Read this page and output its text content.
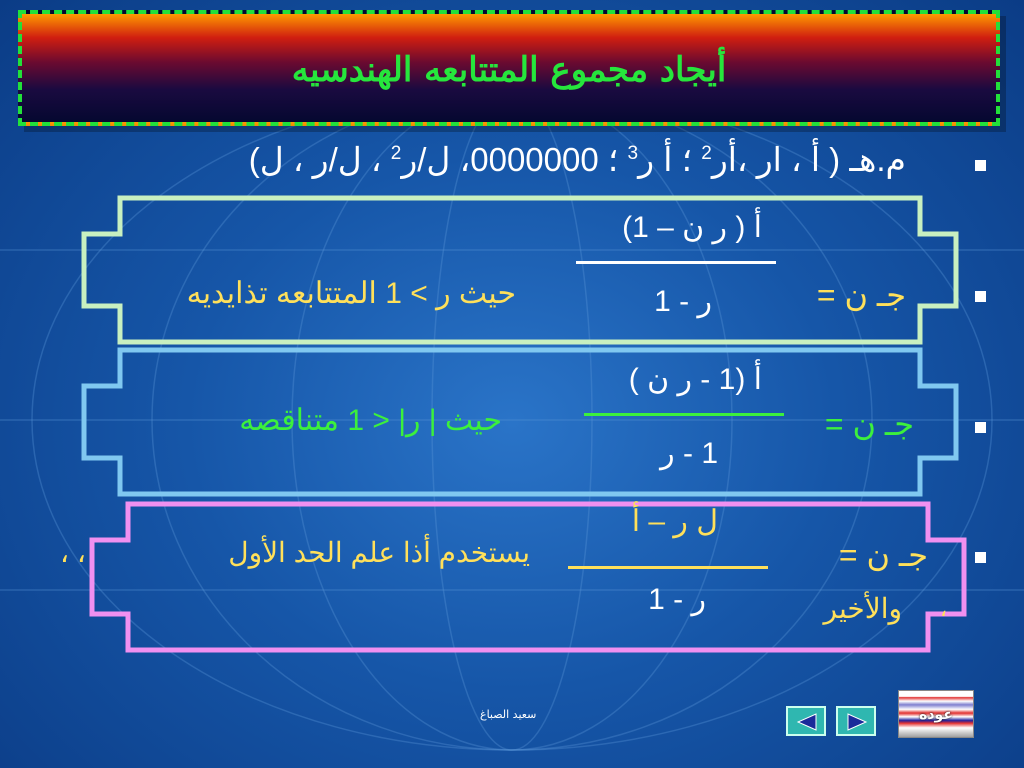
أيجاد مجموع المتتابعه الهندسيه
م.هـ ( أ ، ار ،أر$^2$ ؛ أ ر$^3$ ؛ 0000000، ل/ر$^2$ ، ل/ر ، ل)
جـ ن =
أ ( ر ن – 1)
ر - 1
حيث ر > 1 المتتابعه تذايديه
جـ ن =
أ (1 - ر ن )
1 - ر
حيث | ر| < 1 متناقصه
جـ ن =
ل ر – أ
ر - 1
يستخدم أذا علم الحد الأول
، ،
والأخير ،
سعيد الصباغ	عوده
